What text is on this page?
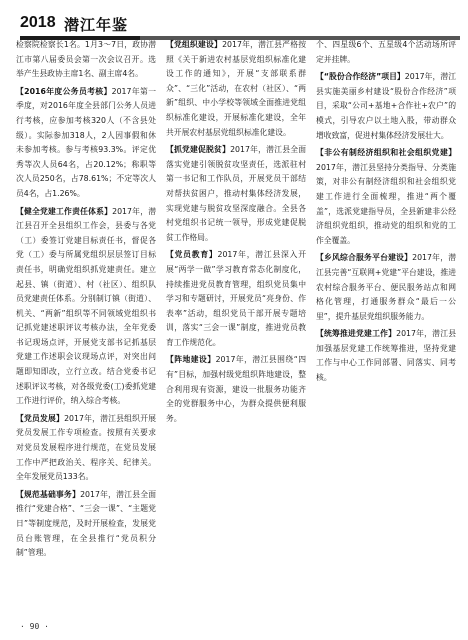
2018 潜江年鉴

检察院检察长1名。1月3～7日，政协潜江市第八届委员会第一次会议召开。选举产生县政协主席1名、副主席4名。

【2016年度公务员考核】2017年第一季度，对2016年度全县部门公务人员进行考核，应参加考核320人（不含县处级）。实际参加318人，2人因事假和休未参加考核。参与考核93.3%。评定优秀等次人员64名，占20.12%；称职等次人员250名，占78.61%；不定等次人员4名，占1.26%。

【健全党建工作责任体系】2017年，潜江县召开全县组织工作会，县委与各党（工）委签订党建目标责任书，督促各党（工）委与所属党组织层层签订目标责任书，明确党组织抓党建责任。建立起县、镇（街道）、村（社区）、组织队员党建责任体系。分别制订镇（街道）、机关、“两新”组织等不同领域党组织书记抓党建述职评议考核办法，全年党委书记现场点评，开展党支部书记抓基层党建工作述职会议现场点评，对突出问题即知即改，立行立改。结合党委书记述职评议考核，对各级党委(工)委抓党建工作进行评价，纳入综合考核。

【党员发展】2017年，潜江县组织开展党员发展工作专项检查。按照有关要求对党员发展程序进行规范，在党员发展工作中严把政治关、程序关、纪律关。全年发展党员133名。

【规范基础事务】2017年，潜江县全面推行“党建合格”、“三会一课”、“主题党日”等制度规范，及时开展检查，发展党员台账管理，在全县推行“党员积分制”管理。

【党组织建设】2017年，潜江县严格按照《关于新进农村基层党组织标准化建设工作的通知》，开展“支部联系群众”、“三化”活动，在农村（社区）、“两新”组织、中小学校等领域全面推进党组织标准化建设，开展标准化建设，全年共开展农村基层党组织标准化建设。

【抓党建促脱贫】2017年，潜江县全面落实党建引领脱贫攻坚责任，选派驻村第一书记和工作队员，开展党员干部结对帮扶贫困户，推动村集体经济发展，实现党建与脱贫攻坚深度融合。全县各村党组织书记统一领导，形成党建促脱贫工作格局。

【党员教育】2017年，潜江县深入开展“两学一做”学习教育常态化制度化，持续推进党员教育管理，组织党员集中学习和专题研讨，开展党员“亮身份、作表率”活动，组织党员干部开展专题培训，落实“三会一课”制度，推进党员教育工作规范化。

【阵地建设】2017年，潜江县围绕“四有”目标，加强村级党组织阵地建设，整合利用现有资源，建设一批服务功能齐全的党群服务中心，为群众提供便利服务。

个、四星级6个、五星级4个活动场所评定并挂牌。

【“股份合作经济”项目】2017年，潜江县实施美丽乡村建设“股份合作经济”项目，采取“公司+基地+合作社+农户”的模式，引导农户以土地入股，带动群众增收致富，促进村集体经济发展壮大。

【非公有制经济组织和社会组织党建】2017年，潜江县坚持分类指导、分类施策，对非公有制经济组织和社会组织党建工作进行全面梳理，推进“两个覆盖”，选派党建指导员，全县新建非公经济组织党组织，推动党的组织和党的工作全覆盖。

【乡风综合服务平台建设】2017年，潜江县完善“互联网+党建”平台建设，推进农村综合服务平台、便民服务站点和网格化管理，打通服务群众“最后一公里”，提升基层党组织服务能力。

【统筹推进党建工作】2017年，潜江县加强基层党建工作统筹推进，坚持党建工作与中心工作同部署、同落实、同考核。

· 90 ·
